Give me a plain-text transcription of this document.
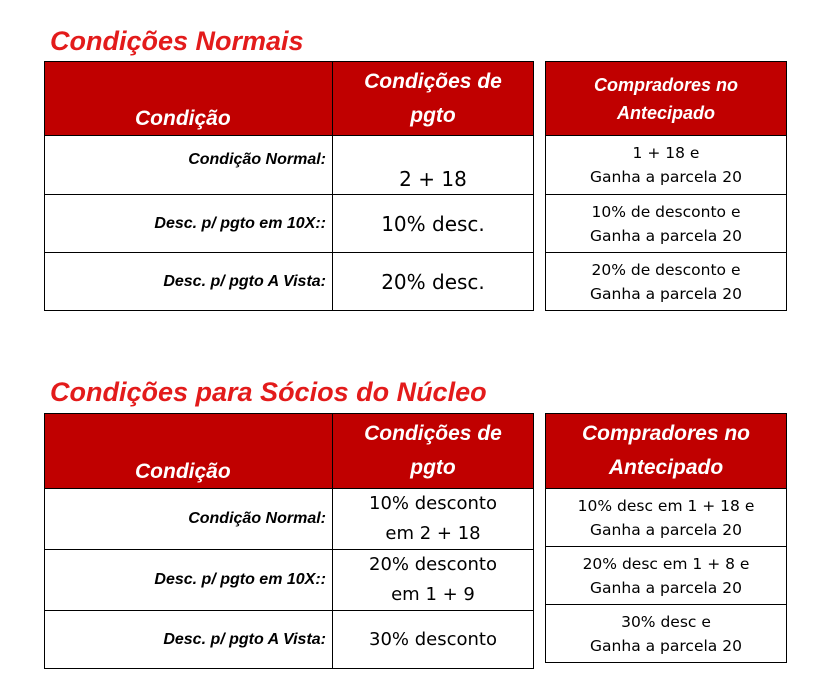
Condições Normais
Condição	Condições de
pgto

Condição Normal:	2 + 18
Desc. p/ pgto em 10X::	10% desc.
Desc. p/ pgto A Vista:	20% desc.
Compradores no
Antecipado

1 + 18 e
Ganha a parcela 20

10% de desconto e
Ganha a parcela 20

20% de desconto e
Ganha a parcela 20
Condições para Sócios do Núcleo
Condição	Condições de
pgto

Condição Normal:	10% desconto
em 2 + 18

Desc. p/ pgto em 10X::	20% desconto
em 1 + 9

Desc. p/ pgto A Vista:	30% desconto
Compradores no
Antecipado

10% desc em 1 + 18 e
Ganha a parcela 20

20% desc em 1 + 8 e
Ganha a parcela 20

30% desc e
Ganha a parcela 20
